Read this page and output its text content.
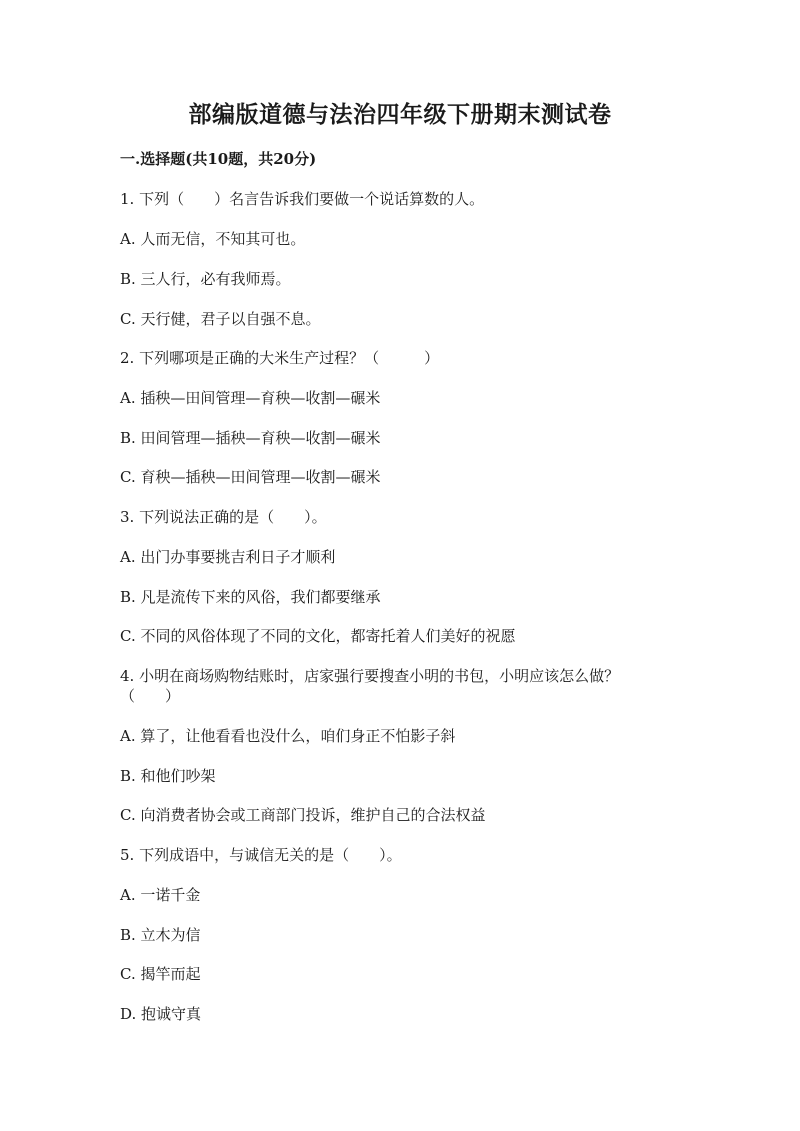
部编版道德与法治四年级下册期末测试卷
一.选择题(共10题，共20分)
1. 下列（　　）名言告诉我们要做一个说话算数的人。
A. 人而无信，不知其可也。
B. 三人行，必有我师焉。
C. 天行健，君子以自强不息。
2. 下列哪项是正确的大米生产过程？（　　　）
A. 插秧—田间管理—育秧—收割—碾米
B. 田间管理—插秧—育秧—收割—碾米
C. 育秧—插秧—田间管理—收割—碾米
3. 下列说法正确的是（　　）。
A. 出门办事要挑吉利日子才顺利
B. 凡是流传下来的风俗，我们都要继承
C. 不同的风俗体现了不同的文化，都寄托着人们美好的祝愿
4. 小明在商场购物结账时，店家强行要搜查小明的书包，小明应该怎么做？
（　　）
A. 算了，让他看看也没什么，咱们身正不怕影子斜
B. 和他们吵架
C. 向消费者协会或工商部门投诉，维护自己的合法权益
5. 下列成语中，与诚信无关的是（　　）。
A. 一诺千金
B. 立木为信
C. 揭竿而起
D. 抱诚守真
